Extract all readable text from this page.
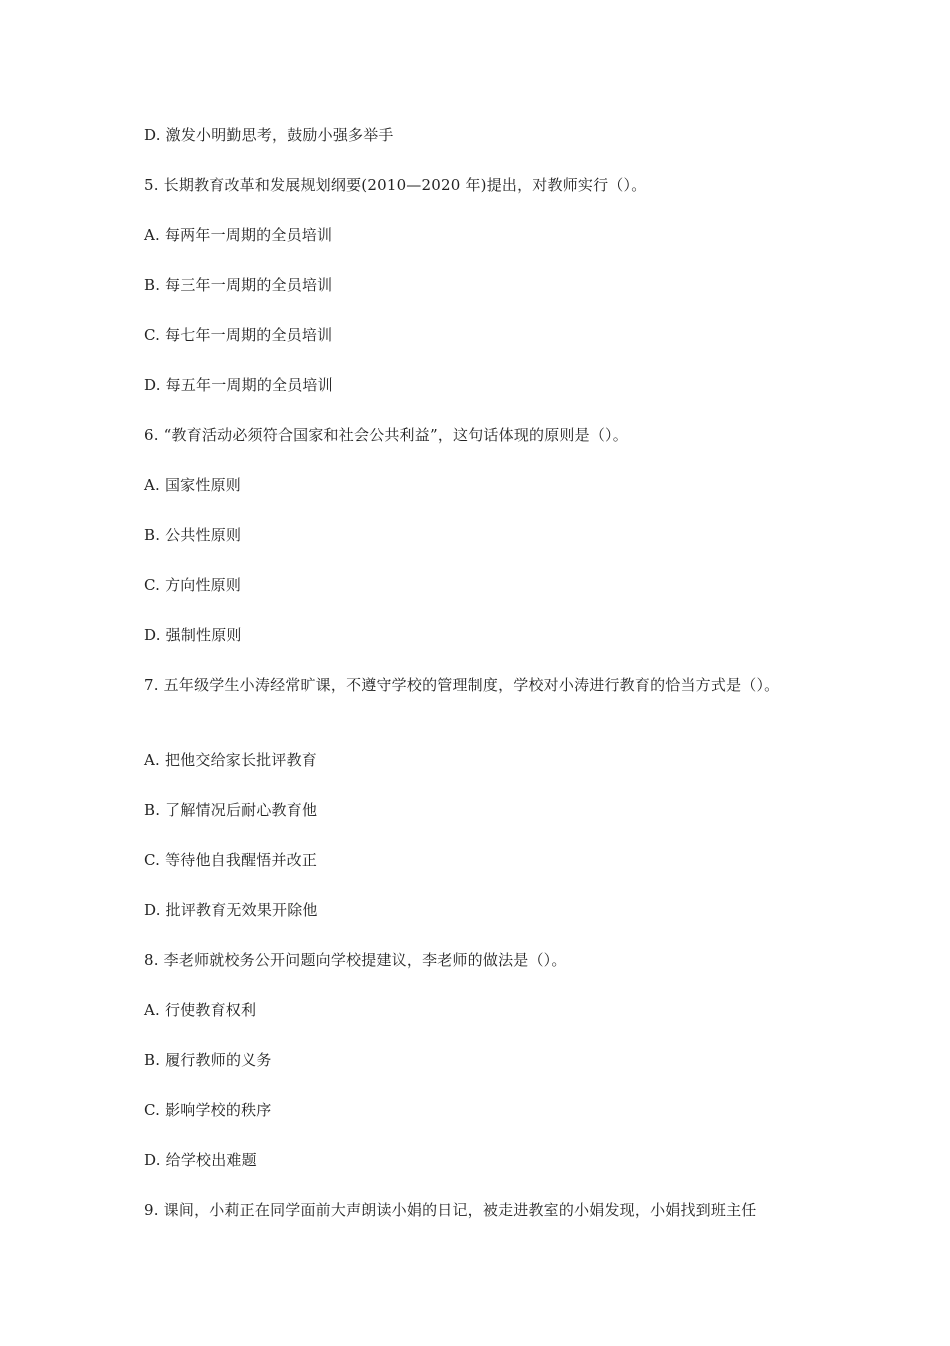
D. 激发小明勤思考，鼓励小强多举手
5. 长期教育改革和发展规划纲要(2010—2020 年)提出，对教师实行（）。
A. 每两年一周期的全员培训
B. 每三年一周期的全员培训
C. 每七年一周期的全员培训
D. 每五年一周期的全员培训
6. “教育活动必须符合国家和社会公共利益”，这句话体现的原则是（）。
A. 国家性原则
B. 公共性原则
C. 方向性原则
D. 强制性原则
7. 五年级学生小涛经常旷课，不遵守学校的管理制度，学校对小涛进行教育的恰当方式是（）。
A. 把他交给家长批评教育
B. 了解情况后耐心教育他
C. 等待他自我醒悟并改正
D. 批评教育无效果开除他
8. 李老师就校务公开问题向学校提建议，李老师的做法是（）。
A. 行使教育权利
B. 履行教师的义务
C. 影响学校的秩序
D. 给学校出难题
9. 课间，小莉正在同学面前大声朗读小娟的日记，被走进教室的小娟发现，小娟找到班主任
